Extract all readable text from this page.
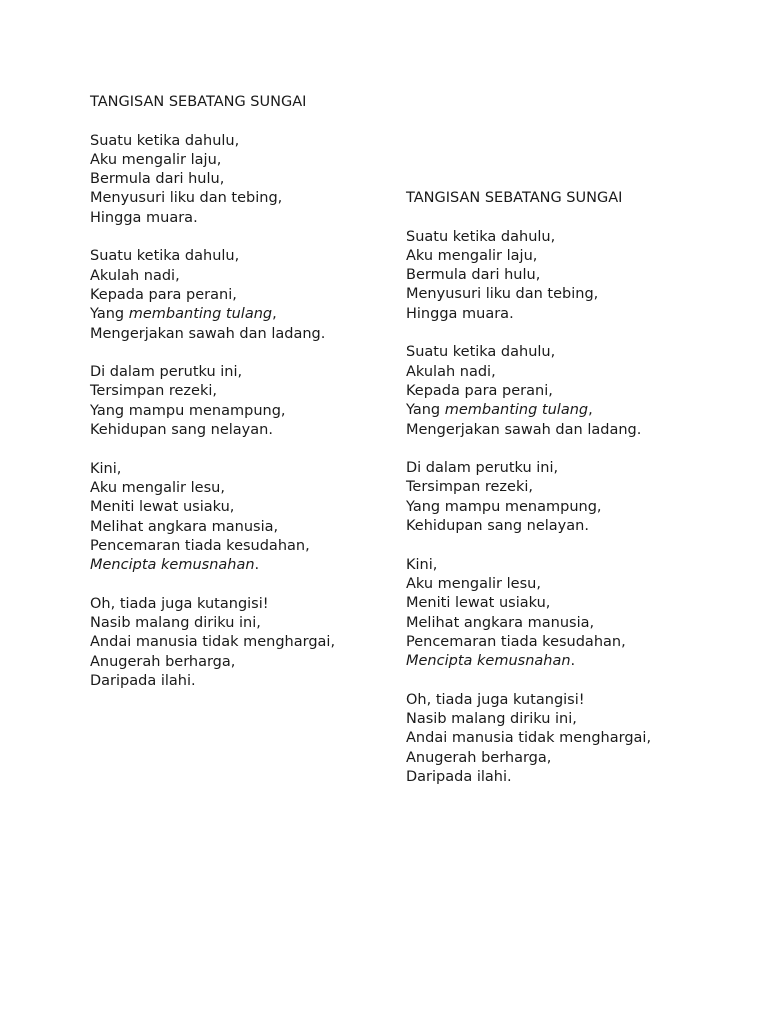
TANGISAN SEBATANG SUNGAI
Suatu ketika dahulu,
Aku mengalir laju,
Bermula dari hulu,
Menyusuri liku dan tebing,
Hingga muara.
Suatu ketika dahulu,
Akulah nadi,
Kepada para perani,
Yang membanting tulang,
Mengerjakan sawah dan ladang.
Di dalam perutku ini,
Tersimpan rezeki,
Yang mampu menampung,
Kehidupan sang nelayan.
Kini,
Aku mengalir lesu,
Meniti lewat usiaku,
Melihat angkara manusia,
Pencemaran tiada kesudahan,
Mencipta kemusnahan.
Oh, tiada juga kutangisi!
Nasib malang diriku ini,
Andai manusia tidak menghargai,
Anugerah berharga,
Daripada ilahi.
TANGISAN SEBATANG SUNGAI
Suatu ketika dahulu,
Aku mengalir laju,
Bermula dari hulu,
Menyusuri liku dan tebing,
Hingga muara.
Suatu ketika dahulu,
Akulah nadi,
Kepada para perani,
Yang membanting tulang,
Mengerjakan sawah dan ladang.
Di dalam perutku ini,
Tersimpan rezeki,
Yang mampu menampung,
Kehidupan sang nelayan.
Kini,
Aku mengalir lesu,
Meniti lewat usiaku,
Melihat angkara manusia,
Pencemaran tiada kesudahan,
Mencipta kemusnahan.
Oh, tiada juga kutangisi!
Nasib malang diriku ini,
Andai manusia tidak menghargai,
Anugerah berharga,
Daripada ilahi.
